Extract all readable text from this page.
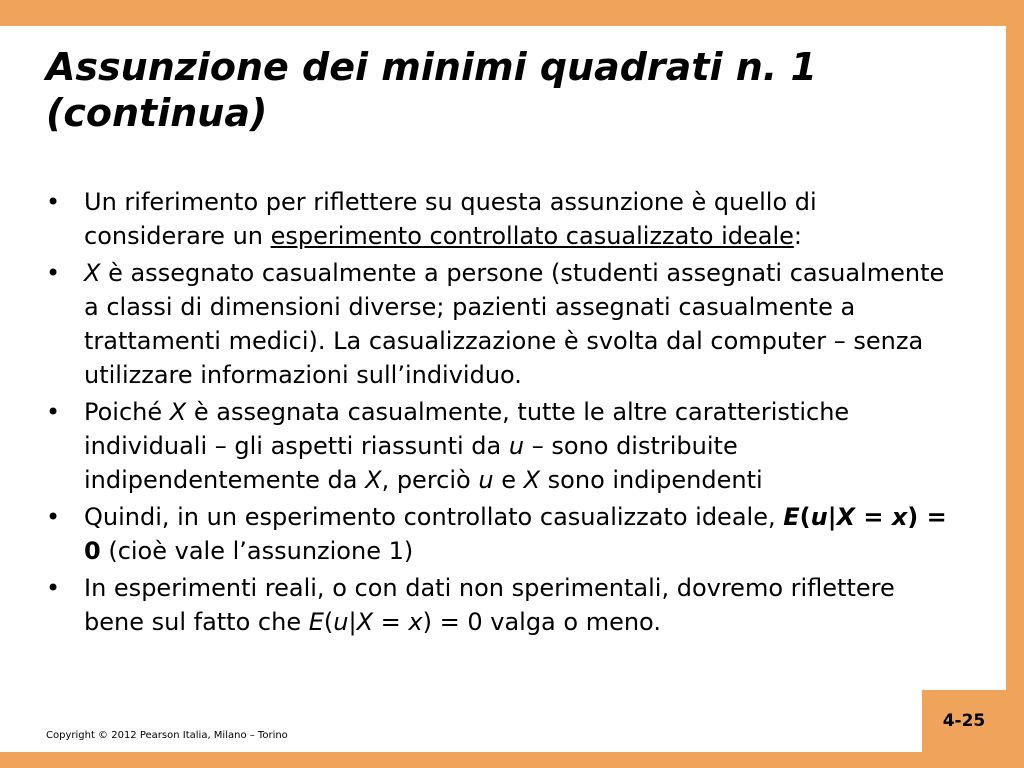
Assunzione dei minimi quadrati n. 1 (continua)
• Un riferimento per riflettere su questa assunzione è quello di considerare un esperimento controllato casualizzato ideale:
• X è assegnato casualmente a persone (studenti assegnati casualmente a classi di dimensioni diverse; pazienti assegnati casualmente a trattamenti medici). La casualizzazione è svolta dal computer – senza utilizzare informazioni sull’individuo.
• Poiché X è assegnata casualmente, tutte le altre caratteristiche individuali – gli aspetti riassunti da u – sono distribuite indipendentemente da X, perciò u e X sono indipendenti
• Quindi, in un esperimento controllato casualizzato ideale, E(u|X = x) = 0 (cioè vale l’assunzione 1)
• In esperimenti reali, o con dati non sperimentali, dovremo riflettere bene sul fatto che E(u|X = x) = 0 valga o meno.
4-25
Copyright © 2012 Pearson Italia, Milano – Torino
